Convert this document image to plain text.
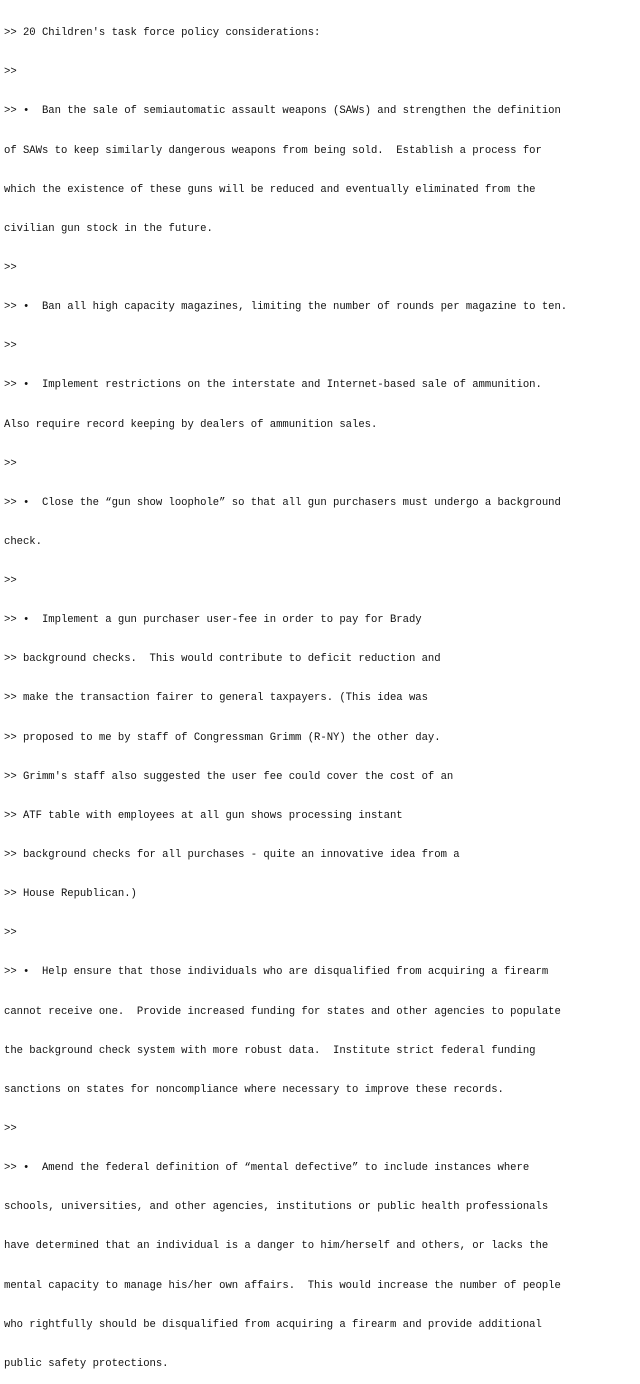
>> 20 Children's task force policy considerations:

>>

>> •  Ban the sale of semiautomatic assault weapons (SAWs) and strengthen the definition

of SAWs to keep similarly dangerous weapons from being sold.  Establish a process for

which the existence of these guns will be reduced and eventually eliminated from the

civilian gun stock in the future.

>>

>> •  Ban all high capacity magazines, limiting the number of rounds per magazine to ten.

>>

>> •  Implement restrictions on the interstate and Internet-based sale of ammunition.

Also require record keeping by dealers of ammunition sales.

>>

>> •  Close the “gun show loophole” so that all gun purchasers must undergo a background

check.

>>

>> •  Implement a gun purchaser user-fee in order to pay for Brady

>> background checks.  This would contribute to deficit reduction and

>> make the transaction fairer to general taxpayers. (This idea was

>> proposed to me by staff of Congressman Grimm (R-NY) the other day.

>> Grimm's staff also suggested the user fee could cover the cost of an

>> ATF table with employees at all gun shows processing instant

>> background checks for all purchases - quite an innovative idea from a

>> House Republican.)

>>

>> •  Help ensure that those individuals who are disqualified from acquiring a firearm

cannot receive one.  Provide increased funding for states and other agencies to populate

the background check system with more robust data.  Institute strict federal funding

sanctions on states for noncompliance where necessary to improve these records.

>>

>> •  Amend the federal definition of “mental defective” to include instances where

schools, universities, and other agencies, institutions or public health professionals

have determined that an individual is a danger to him/herself and others, or lacks the

mental capacity to manage his/her own affairs.  This would increase the number of people

who rightfully should be disqualified from acquiring a firearm and provide additional

public safety protections.
